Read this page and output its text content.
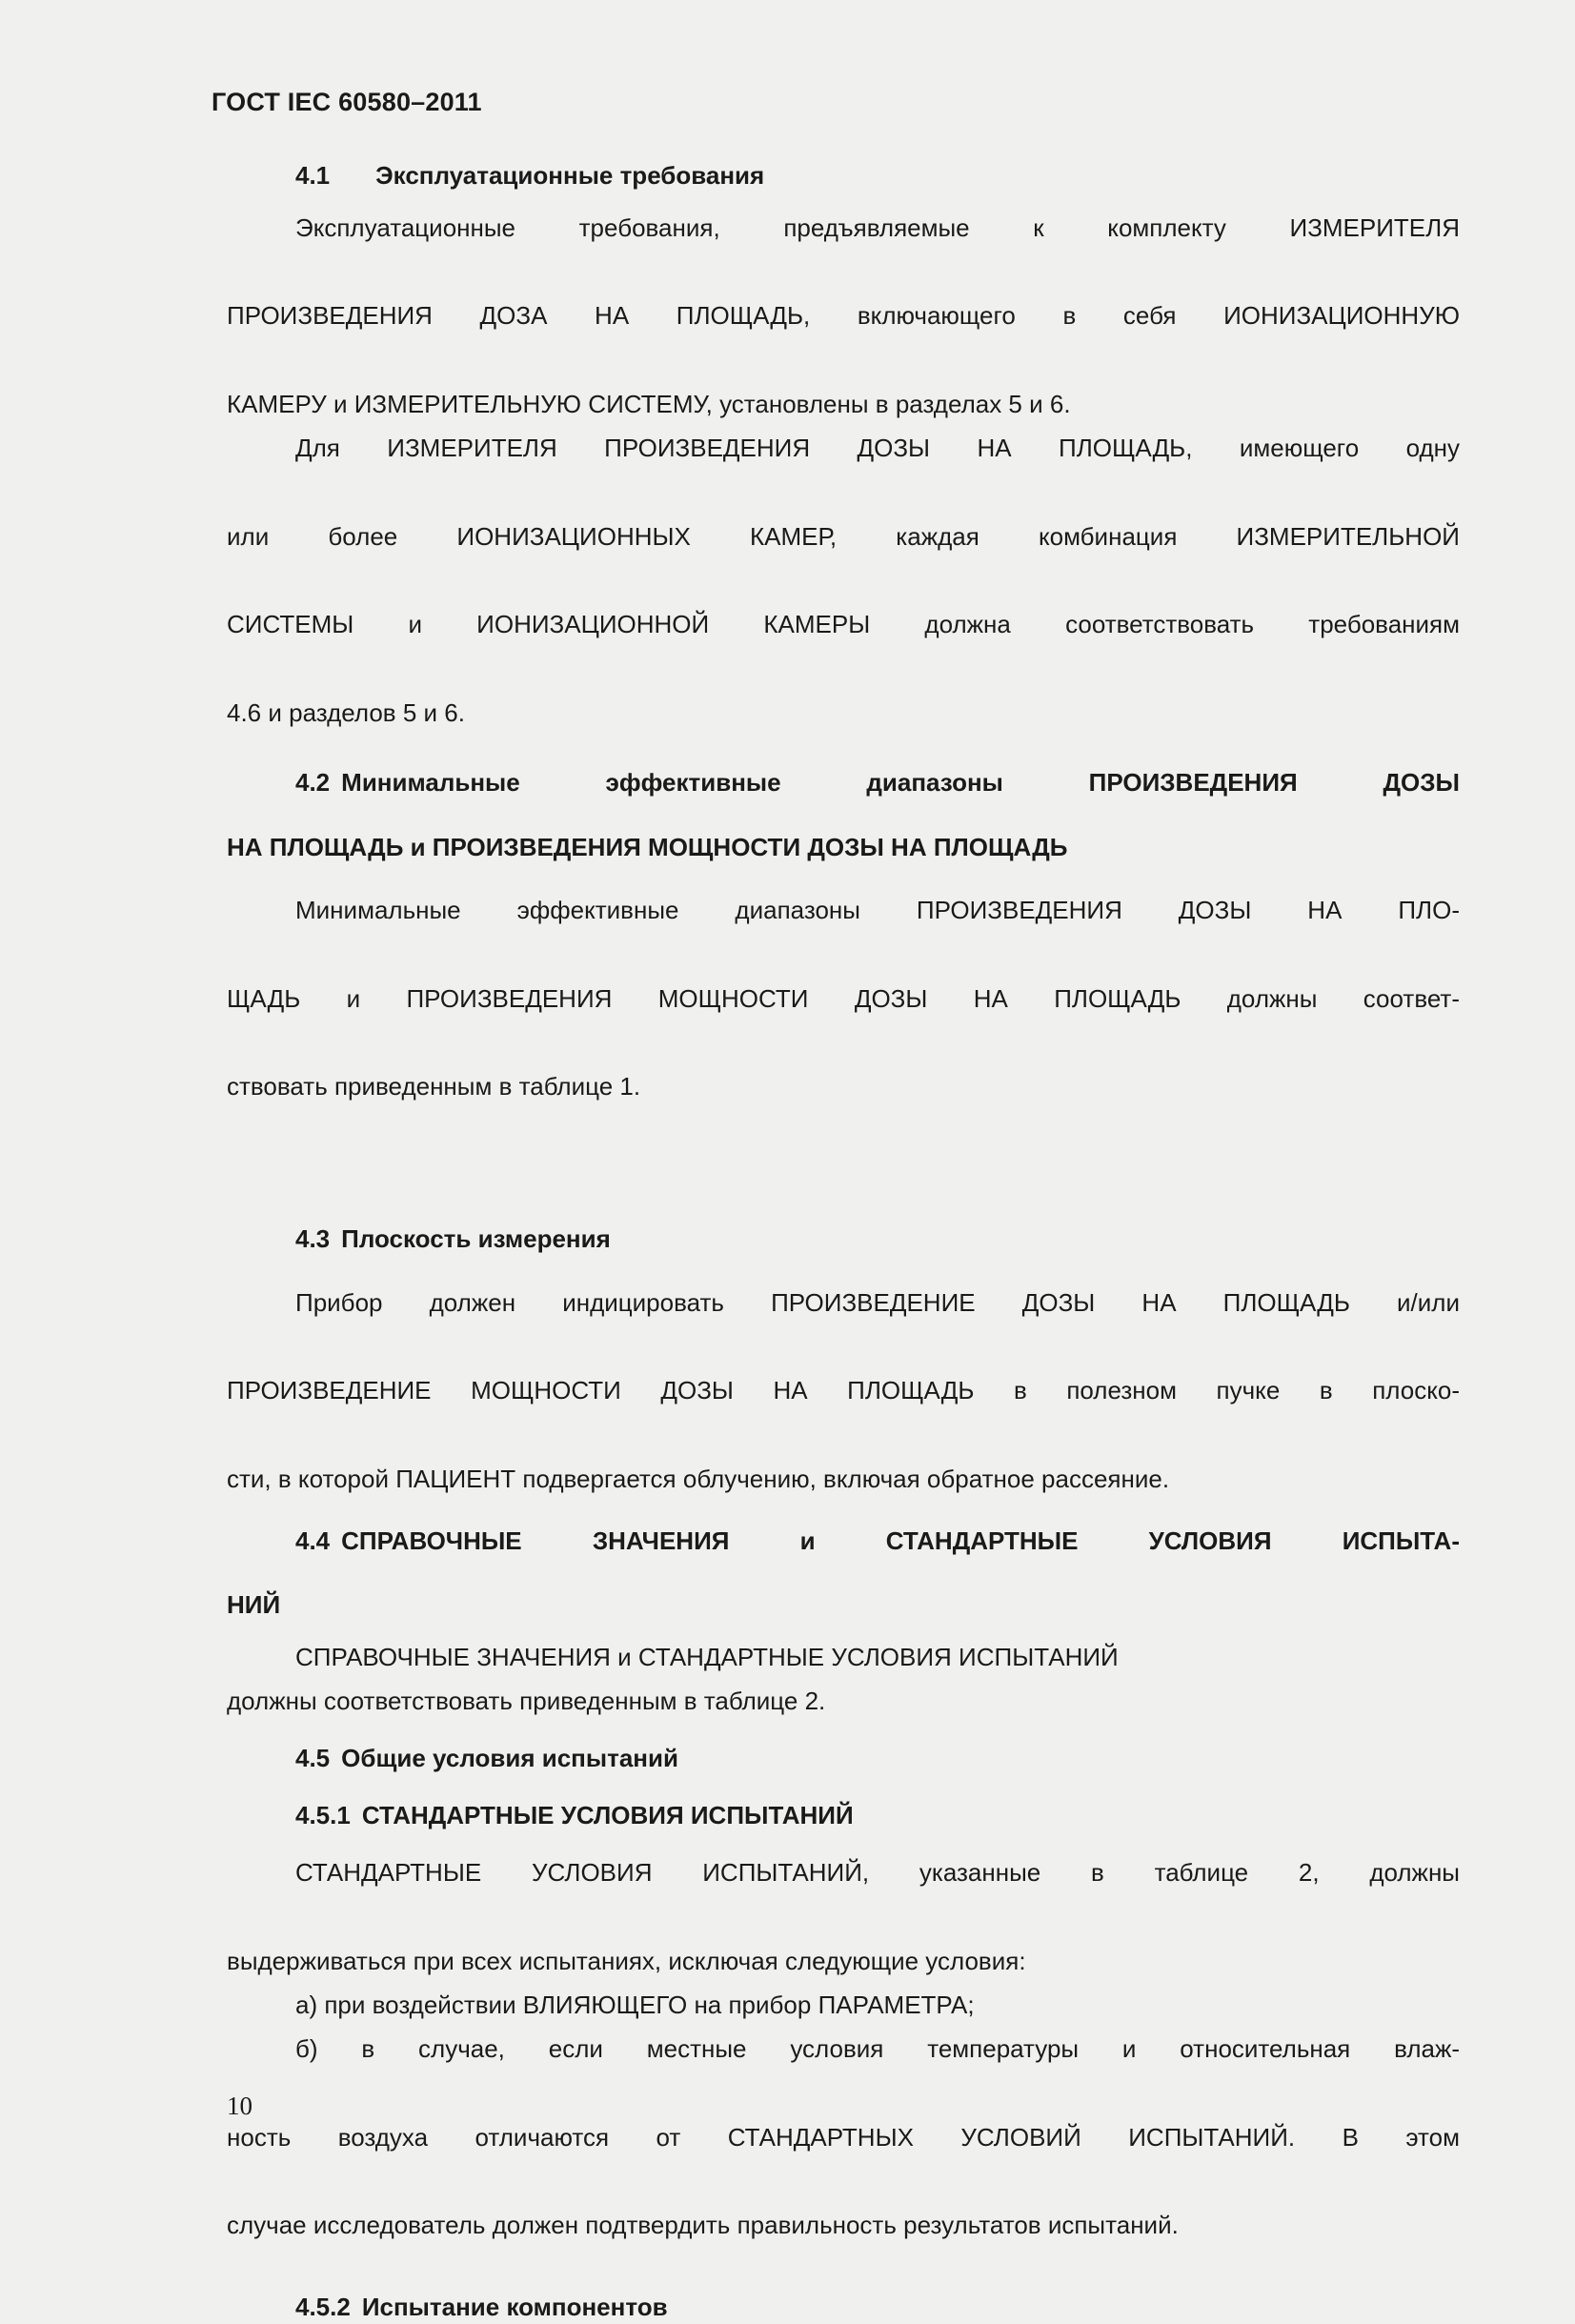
ГОСТ IEC 60580–2011
4.1 Эксплуатационные требования
Эксплуатационные требования, предъявляемые к комплекту ИЗМЕРИТЕЛЯ
ПРОИЗВЕДЕНИЯ ДОЗА НА ПЛОЩАДЬ, включающего в себя ИОНИЗАЦИОННУЮ
КАМЕРУ и ИЗМЕРИТЕЛЬНУЮ СИСТЕМУ, установлены в разделах 5 и 6.
Для ИЗМЕРИТЕЛЯ ПРОИЗВЕДЕНИЯ ДОЗЫ НА ПЛОЩАДЬ, имеющего одну
или более ИОНИЗАЦИОННЫХ КАМЕР, каждая комбинация ИЗМЕРИТЕЛЬНОЙ
СИСТЕМЫ и ИОНИЗАЦИОННОЙ КАМЕРЫ должна соответствовать требованиям
4.6 и разделов 5 и 6.
4.2 Минимальные эффективные диапазоны ПРОИЗВЕДЕНИЯ ДОЗЫ
НА ПЛОЩАДЬ и ПРОИЗВЕДЕНИЯ МОЩНОСТИ ДОЗЫ НА ПЛОЩАДЬ
Минимальные эффективные диапазоны ПРОИЗВЕДЕНИЯ ДОЗЫ НА ПЛО-
ЩАДЬ и ПРОИЗВЕДЕНИЯ МОЩНОСТИ ДОЗЫ НА ПЛОЩАДЬ должны соответ-
ствовать приведенным в таблице 1.
4.3 Плоскость измерения
Прибор должен индицировать ПРОИЗВЕДЕНИЕ ДОЗЫ НА ПЛОЩАДЬ и/или
ПРОИЗВЕДЕНИЕ МОЩНОСТИ ДОЗЫ НА ПЛОЩАДЬ в полезном пучке в плоско-
сти, в которой ПАЦИЕНТ подвергается облучению, включая обратное рассеяние.
4.4 СПРАВОЧНЫЕ ЗНАЧЕНИЯ и СТАНДАРТНЫЕ УСЛОВИЯ ИСПЫТА-
НИЙ
СПРАВОЧНЫЕ ЗНАЧЕНИЯ и СТАНДАРТНЫЕ УСЛОВИЯ ИСПЫТАНИЙ
должны соответствовать приведенным в таблице 2.
4.5 Общие условия испытаний
4.5.1 СТАНДАРТНЫЕ УСЛОВИЯ ИСПЫТАНИЙ
СТАНДАРТНЫЕ УСЛОВИЯ ИСПЫТАНИЙ, указанные в таблице 2, должны
выдерживаться при всех испытаниях, исключая следующие условия:
а) при воздействии ВЛИЯЮЩЕГО на прибор ПАРАМЕТРА;
б) в случае, если местные условия температуры и относительная влаж-
ность воздуха отличаются от СТАНДАРТНЫХ УСЛОВИЙ ИСПЫТАНИЙ. В этом
случае исследователь должен подтвердить правильность результатов испытаний.
4.5.2 Испытание компонентов
10
